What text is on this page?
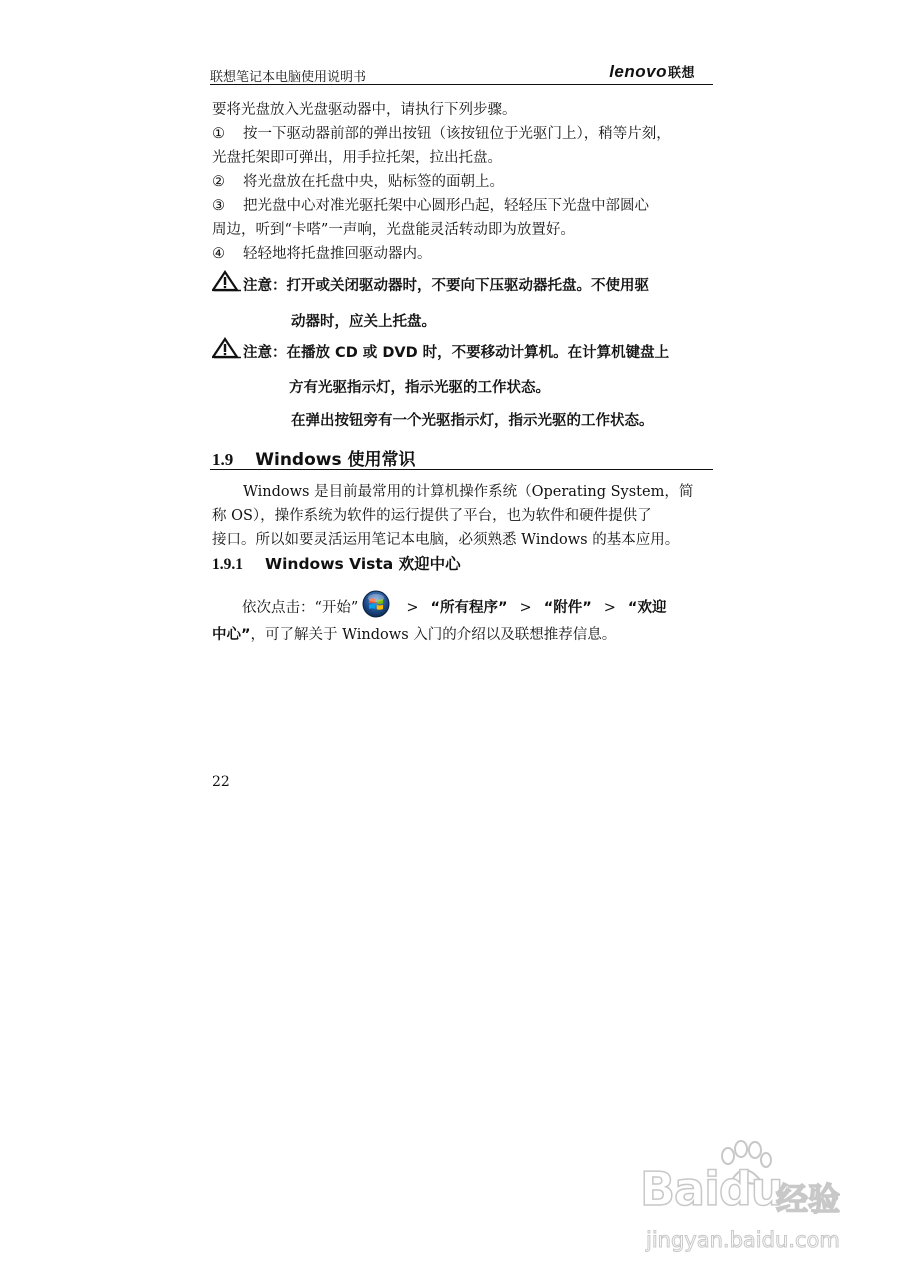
联想笔记本电脑使用说明书	lenovo联想

要将光盘放入光盘驱动器中，请执行下列步骤。

① 按一下驱动器前部的弹出按钮（该按钮位于光驱门上），稍等片刻，
光盘托架即可弹出，用手拉托架，拉出托盘。

② 将光盘放在托盘中央，贴标签的面朝上。

③ 把光盘中心对准光驱托架中心圆形凸起，轻轻压下光盘中部圆心
周边，听到“卡嗒”一声响，光盘能灵活转动即为放置好。

④ 轻轻地将托盘推回驱动器内。

注意：打开或关闭驱动器时，不要向下压驱动器托盘。不使用驱
动器时，应关上托盘。
注意：在播放 CD 或 DVD 时，不要移动计算机。在计算机键盘上
方有光驱指示灯，指示光驱的工作状态。
在弹出按钮旁有一个光驱指示灯，指示光驱的工作状态。
1.9 Windows 使用常识

Windows 是目前最常用的计算机操作系统（Operating System，简
称 OS），操作系统为软件的运行提供了平台，也为软件和硬件提供了
接口。所以如要灵活运用笔记本电脑，必须熟悉 Windows 的基本应用。

1.9.1 Windows Vista 欢迎中心
依次点击：“开始”	> “所有程序” > “附件” > “欢迎
中心”，可了解关于 Windows 入门的介绍以及联想推荐信息。
22
Baidu
经验
jingyan.baidu.com
